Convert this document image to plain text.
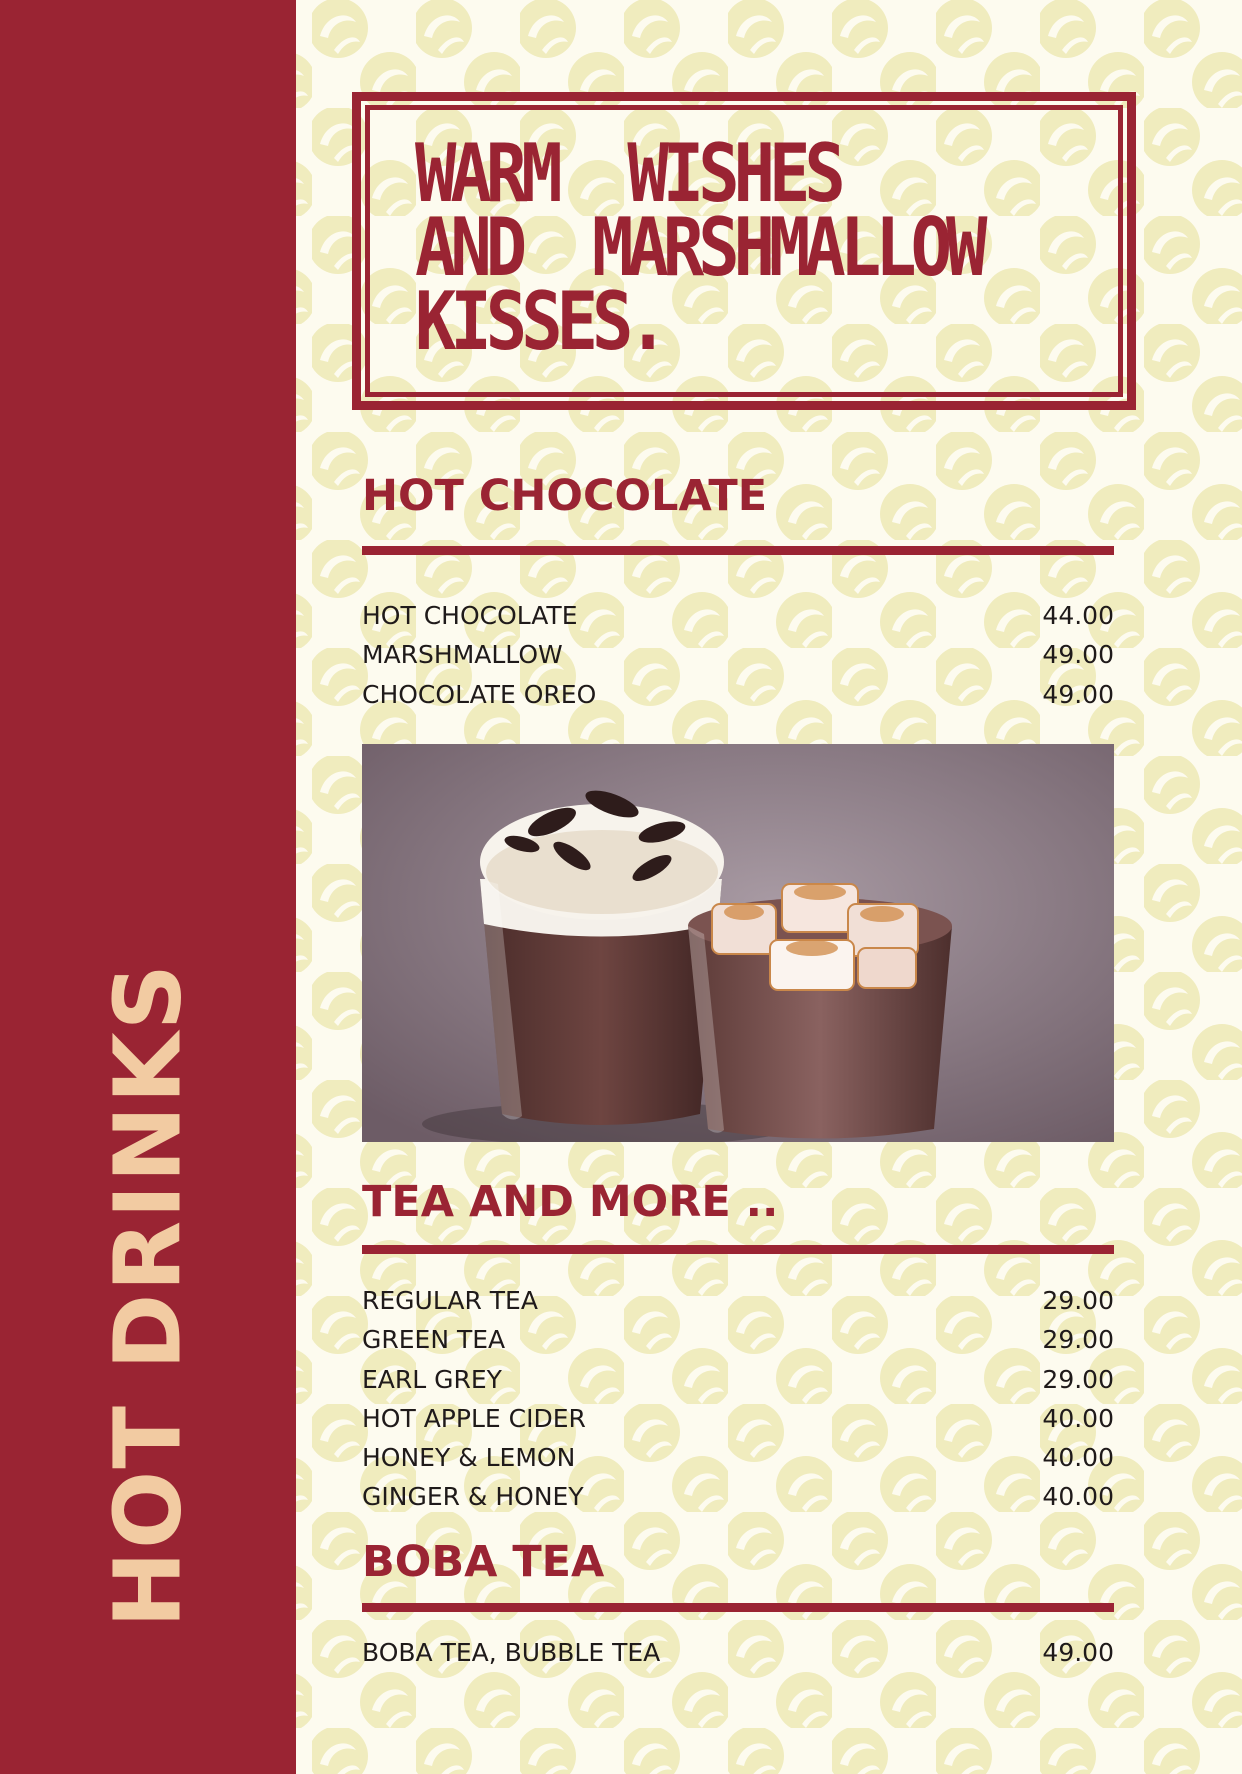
HOT DRINKS
WARM  WISHES
AND  MARSHMALLOW
KISSES.
HOT CHOCOLATE
HOT CHOCOLATE	44.00
MARSHMALLOW	49.00
CHOCOLATE OREO	49.00
TEA AND MORE ..
REGULAR TEA	29.00
GREEN TEA	29.00
EARL GREY	29.00
HOT APPLE CIDER	40.00
HONEY & LEMON	40.00
GINGER & HONEY	40.00
BOBA TEA
BOBA TEA, BUBBLE TEA	49.00
